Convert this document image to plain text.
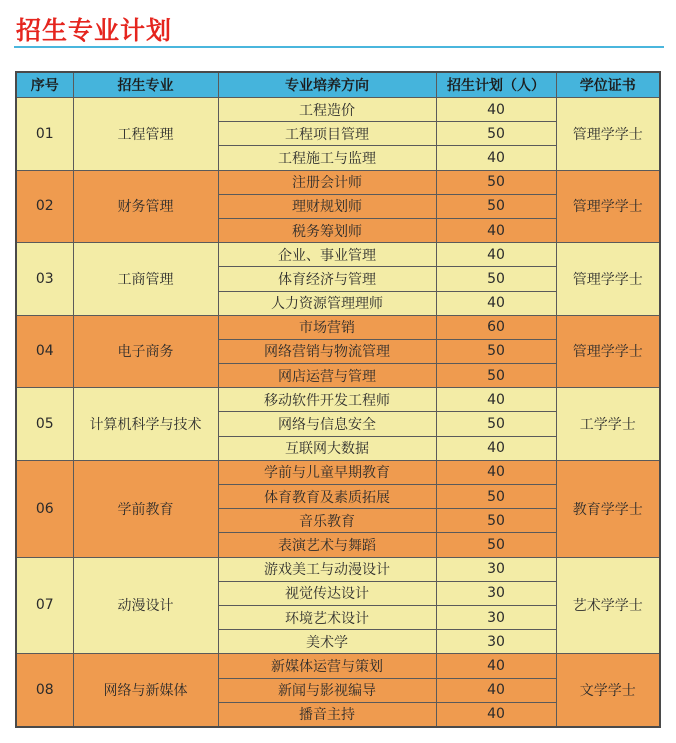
招生专业计划
序号	招生专业	专业培养方向	招生计划（人）	学位证书
01	工程管理	工程造价	40	管理学学士
		工程项目管理	50	
		工程施工与监理	40	
02	财务管理	注册会计师	50	管理学学士
		理财规划师	50	
		税务筹划师	40	
03	工商管理	企业、事业管理	40	管理学学士
		体育经济与管理	50	
		人力资源管理理师	40	
04	电子商务	市场营销	60	管理学学士
		网络营销与物流管理	50	
		网店运营与管理	50	
05	计算机科学与技术	移动软件开发工程师	40	工学学士
		网络与信息安全	50	
		互联网大数据	40	
06	学前教育	学前与儿童早期教育	40	教育学学士
		体育教育及素质拓展	50	
		音乐教育	50	
		表演艺术与舞蹈	50	
07	动漫设计	游戏美工与动漫设计	30	艺术学学士
		视觉传达设计	30	
		环境艺术设计	30	
		美术学	30	
08	网络与新媒体	新媒体运营与策划	40	文学学士
		新闻与影视编导	40	
		播音主持	40	
